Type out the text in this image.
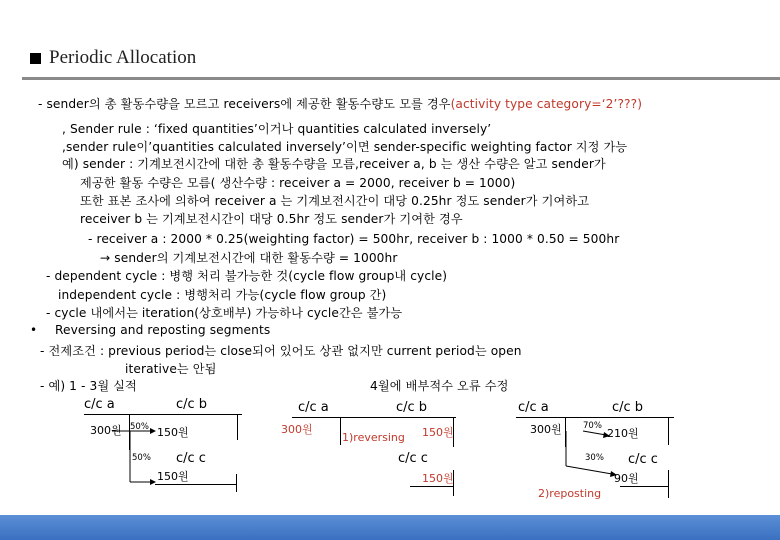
Periodic Allocation
- sender의 총 활동수량을 모르고 receivers에 제공한 활동수량도 모를 경우(activity type category=‘2’???)
, Sender rule : ‘fixed quantities’이거나 quantities calculated inversely’
,sender rule이’quantities calculated inversely’이면 sender-specific weighting factor 지정 가능
예) sender : 기계보전시간에 대한 총 활동수량을 모름,receiver a, b 는 생산 수량은 알고 sender가
제공한 활동 수량은 모름( 생산수량 : receiver a = 2000, receiver b = 1000)
또한 표본 조사에 의하여 receiver a 는 기계보전시간이 대당 0.25hr 정도 sender가 기여하고
receiver b 는 기계보전시간이 대당 0.5hr 정도 sender가 기여한 경우
- receiver a : 2000 * 0.25(weighting factor) = 500hr, receiver b : 1000 * 0.50 = 500hr
→ sender의 기계보전시간에 대한 활동수량 = 1000hr
- dependent cycle : 병행 처리 불가능한 것(cycle flow group내 cycle)
independent cycle : 병행처리 가능(cycle flow group 간)
- cycle 내에서는 iteration(상호배부) 가능하나 cycle간은 불가능
• Reversing and reposting segments
- 전제조건 : previous period는 close되어 있어도 상관 없지만 current period는 open
iterative는 안됨
- 예) 1 - 3월 실적	4월에 배부적수 오류 수정
c/c a	c/c b	c/c a	c/c b	c/c a	c/c b
300원 50% 150원
50% c/c c
150원
300원
1)reversing 150원
c/c c
150원
300원	70%
210원
30% c/c c
90원
2)reposting
